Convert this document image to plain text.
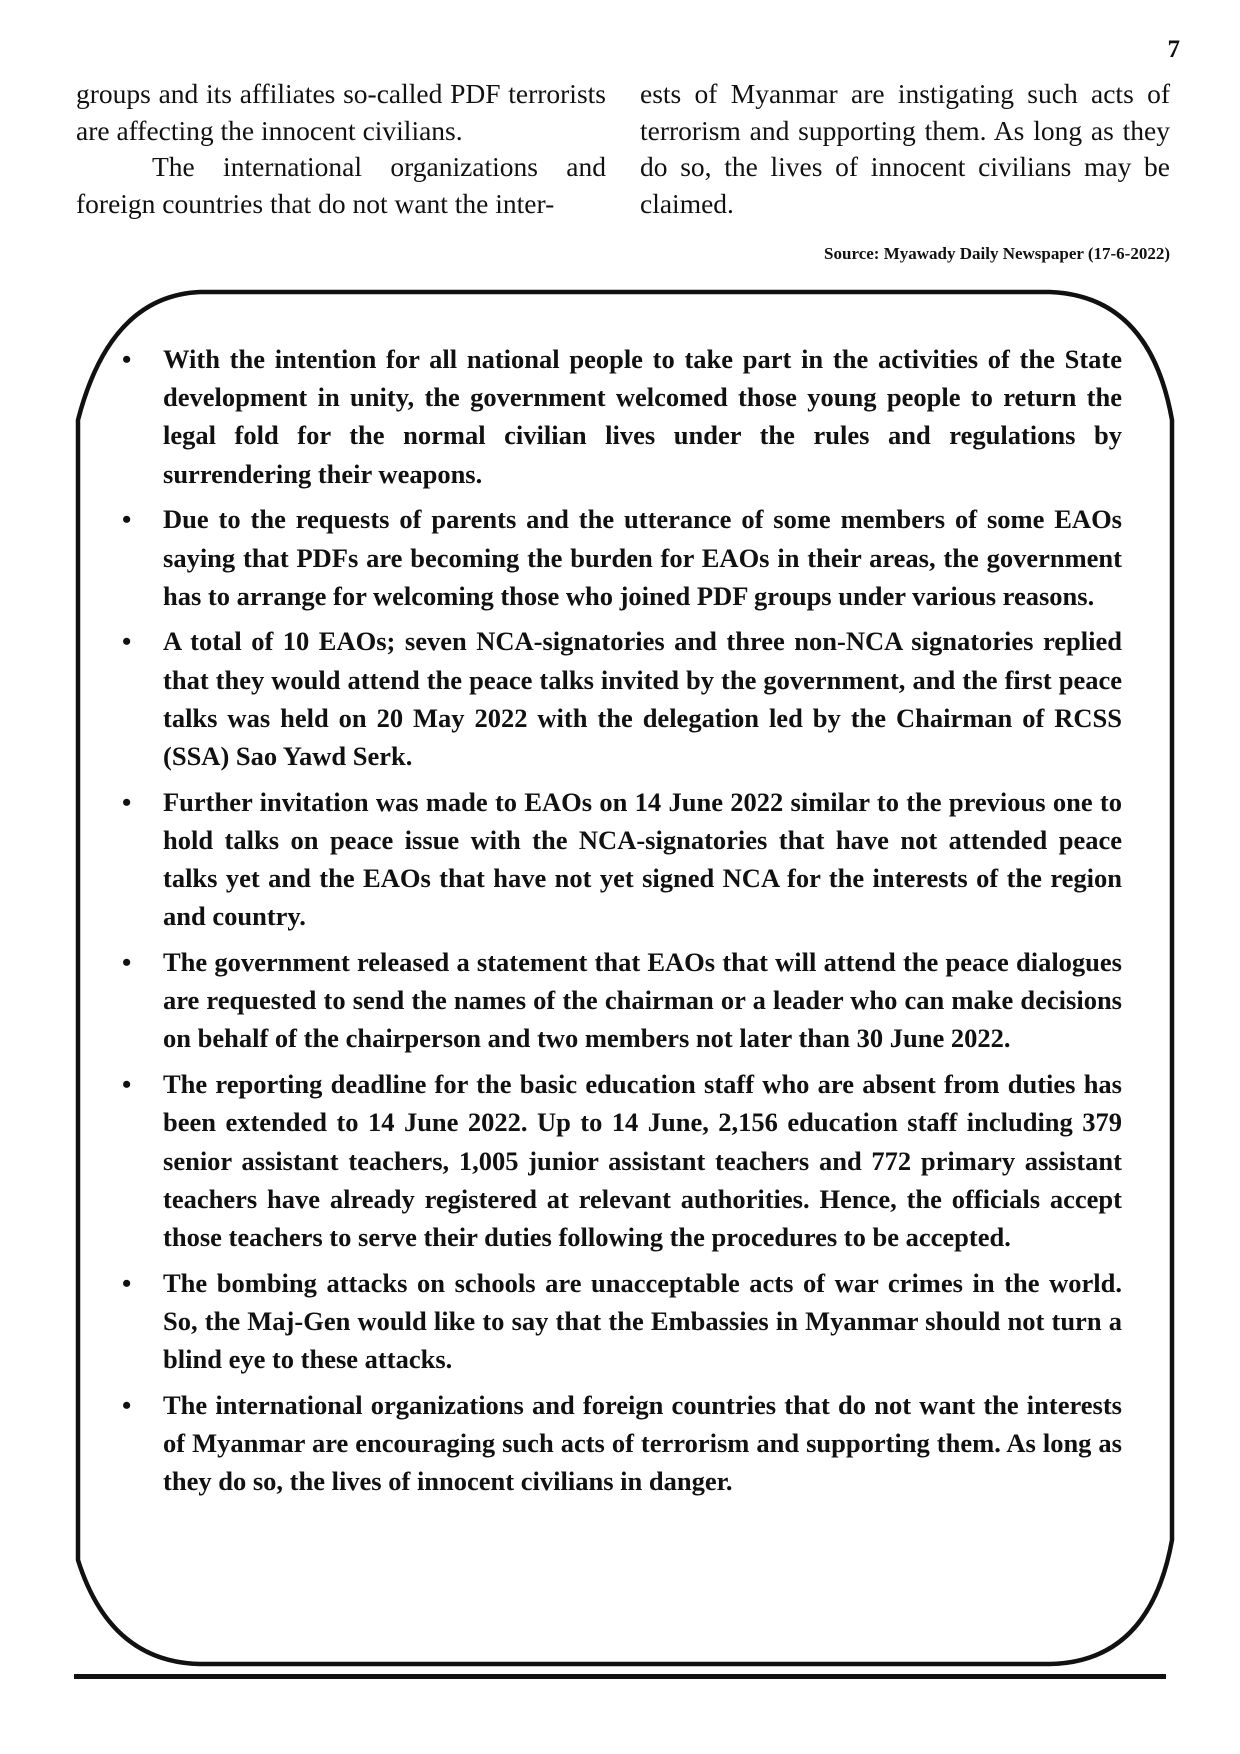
7

groups and its affiliates so-called PDF terrorists are affecting the innocent civilians.

The international organizations and foreign countries that do not want the inter-

ests of Myanmar are instigating such acts of terrorism and supporting them. As long as they do so, the lives of innocent civilians may be claimed.

Source: Myawady Daily Newspaper (17-6-2022)
• With the intention for all national people to take part in the activities of the State development in unity, the government welcomed those young people to return the legal fold for the normal civilian lives under the rules and regulations by surrendering their weapons.
• Due to the requests of parents and the utterance of some members of some EAOs saying that PDFs are becoming the burden for EAOs in their areas, the government has to arrange for welcoming those who joined PDF groups under various reasons.
• A total of 10 EAOs; seven NCA-signatories and three non-NCA signatories replied that they would attend the peace talks invited by the government, and the first peace talks was held on 20 May 2022 with the delegation led by the Chairman of RCSS (SSA) Sao Yawd Serk.
• Further invitation was made to EAOs on 14 June 2022 similar to the previous one to hold talks on peace issue with the NCA-signatories that have not attended peace talks yet and the EAOs that have not yet signed NCA for the interests of the region and country.
• The government released a statement that EAOs that will attend the peace dialogues are requested to send the names of the chairman or a leader who can make decisions on behalf of the chairperson and two members not later than 30 June 2022.
• The reporting deadline for the basic education staff who are absent from duties has been extended to 14 June 2022. Up to 14 June, 2,156 education staff including 379 senior assistant teachers, 1,005 junior assistant teachers and 772 primary assistant teachers have already registered at relevant authorities. Hence, the officials accept those teachers to serve their duties following the procedures to be accepted.
• The bombing attacks on schools are unacceptable acts of war crimes in the world. So, the Maj-Gen would like to say that the Embassies in Myanmar should not turn a blind eye to these attacks.
• The international organizations and foreign countries that do not want the interests of Myanmar are encouraging such acts of terrorism and supporting them. As long as they do so, the lives of innocent civilians in danger.
